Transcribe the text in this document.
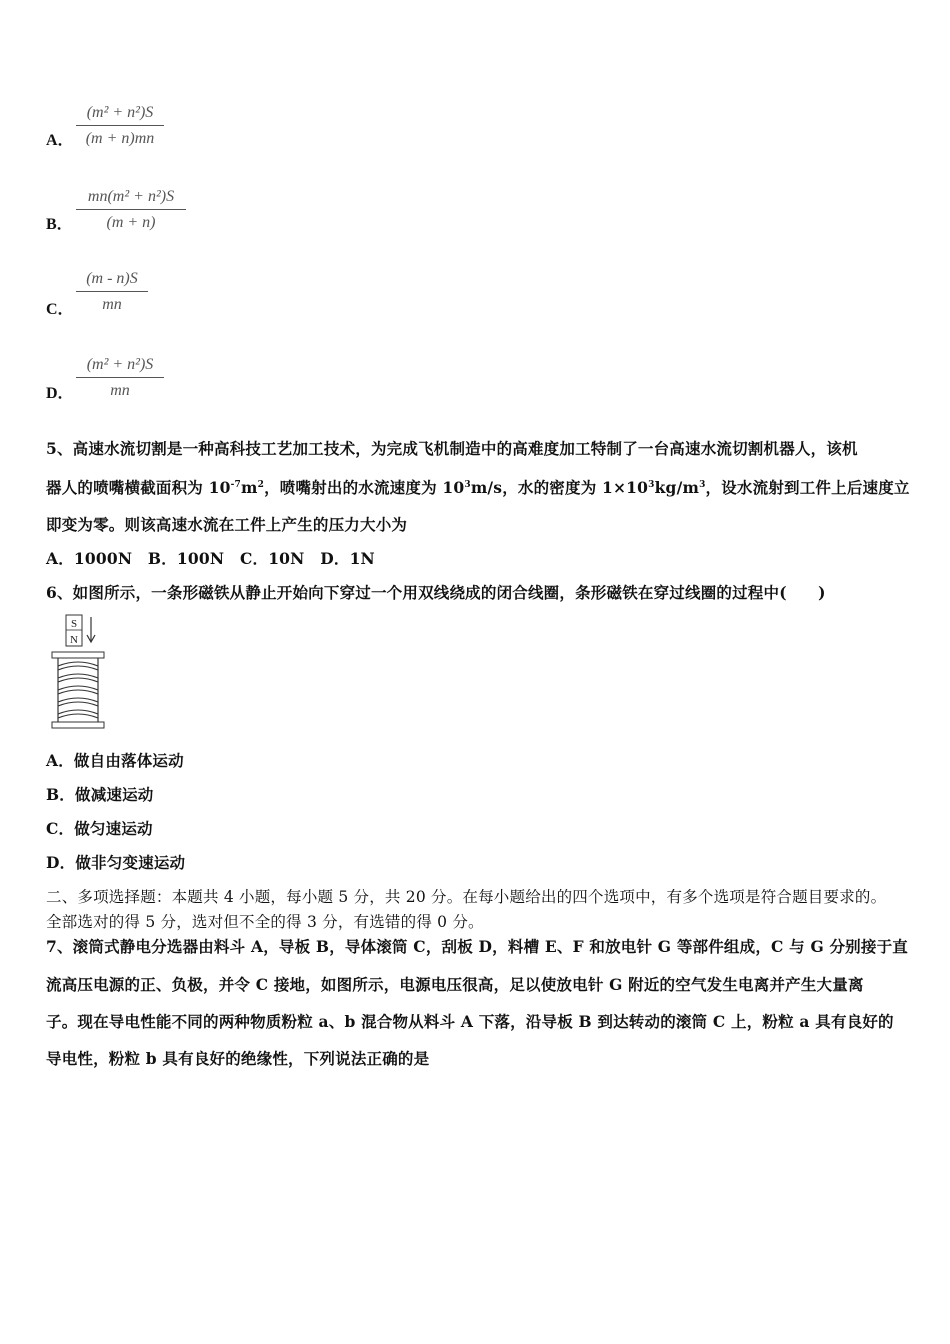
A．
(m² + n²)S
(m + n)mn
B．
mn(m² + n²)S
(m + n)
C．
(m - n)S
mn
D．
(m² + n²)S
mn
5、高速水流切割是一种高科技工艺加工技术，为完成飞机制造中的高难度加工特制了一台高速水流切割机器人，该机
器人的喷嘴横截面积为 $10^{-7}m^2$，喷嘴射出的水流速度为 $10^3m/s$，水的密度为 $1\times 10^3kg/m^3$，设水流射到工件上后速度立
即变为零。则该高速水流在工件上产生的压力大小为
A．1000N　B．100N　C．10N　D．1N
6、如图所示，一条形磁铁从静止开始向下穿过一个用双线绕成的闭合线圈，条形磁铁在穿过线圈的过程中(　　)
S
N
A．做自由落体运动
B．做减速运动
C．做匀速运动
D．做非匀变速运动
二、多项选择题：本题共 4 小题，每小题 5 分，共 20 分。在每小题给出的四个选项中，有多个选项是符合题目要求的。
全部选对的得 5 分，选对但不全的得 3 分，有选错的得 0 分。
7、滚筒式静电分选器由料斗 A，导板 B，导体滚筒 C，刮板 D，料槽 E、F 和放电针 G 等部件组成，C 与 G 分别接于直
流高压电源的正、负极，并令 C 接地，如图所示，电源电压很高，足以使放电针 G 附近的空气发生电离并产生大量离
子。现在导电性能不同的两种物质粉粒 a、b 混合物从料斗 A 下落，沿导板 B 到达转动的滚筒 C 上，粉粒 a 具有良好的
导电性，粉粒 b 具有良好的绝缘性，下列说法正确的是
